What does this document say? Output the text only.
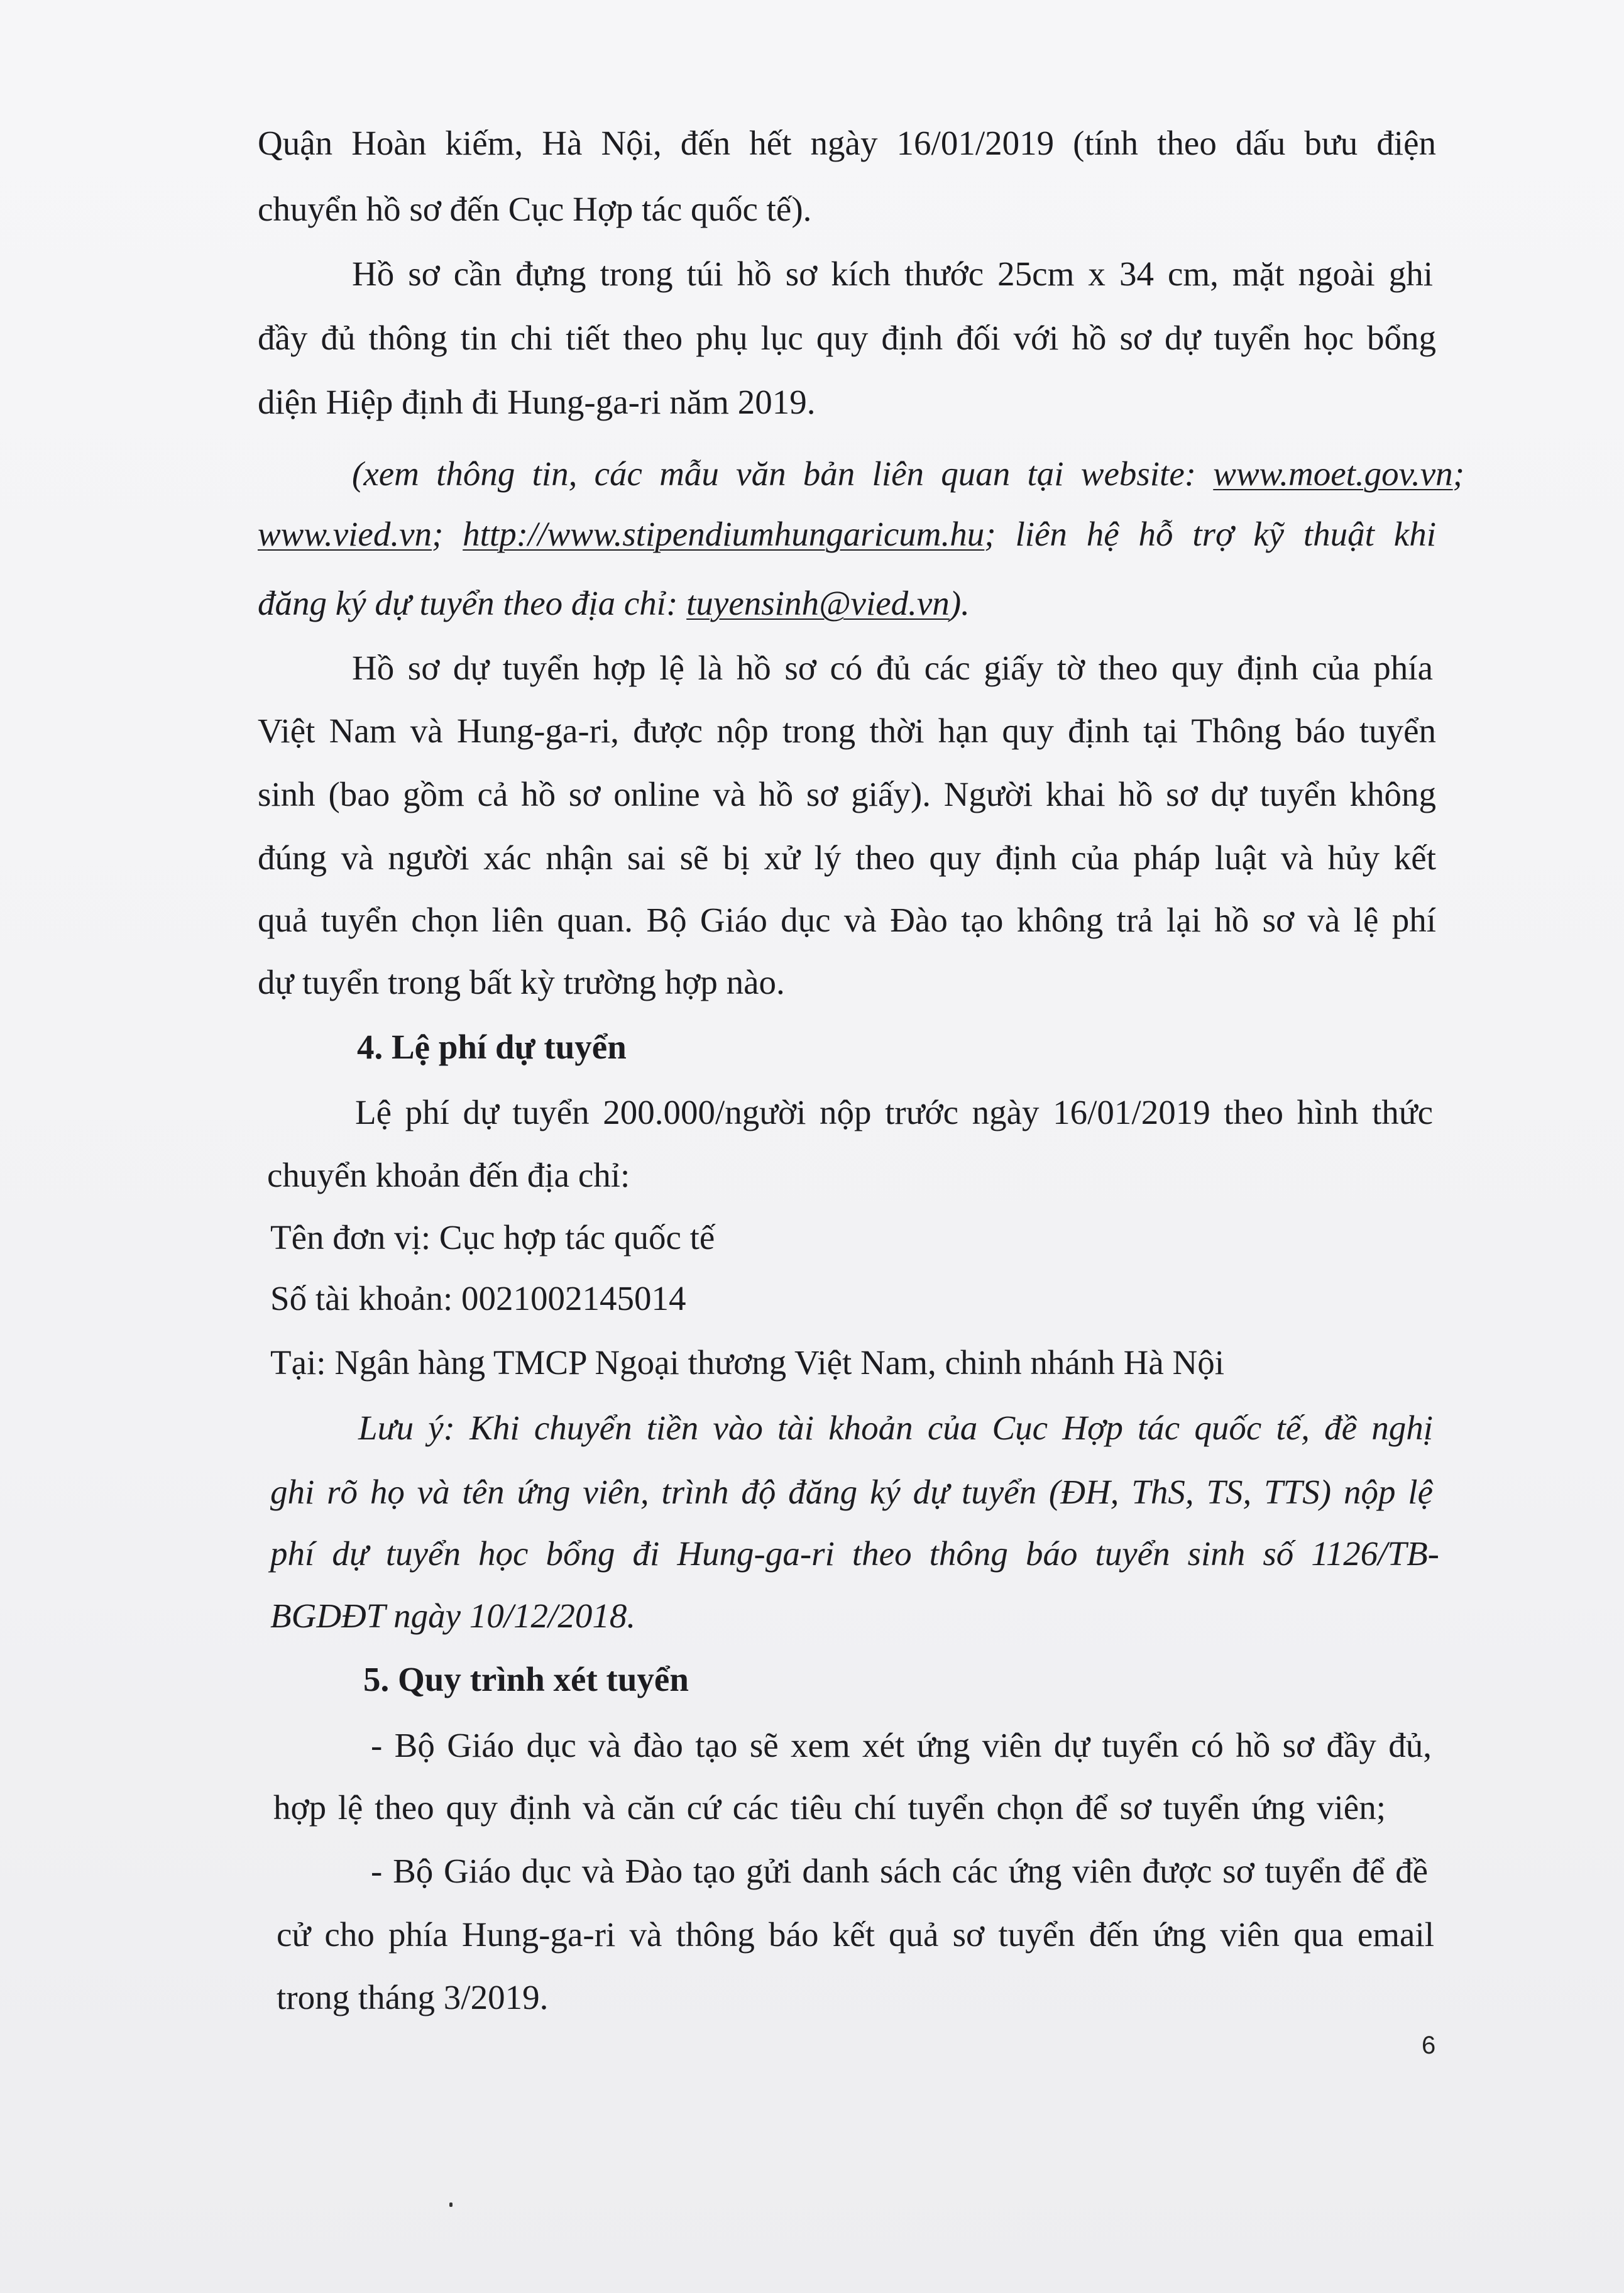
Quận Hoàn kiếm, Hà Nội, đến hết ngày 16/01/2019 (tính theo dấu bưu điện
chuyển hồ sơ đến Cục Hợp tác quốc tế).
Hồ sơ cần đựng trong túi hồ sơ kích thước 25cm x 34 cm, mặt ngoài ghi
đầy đủ thông tin chi tiết theo phụ lục quy định đối với hồ sơ dự tuyển học bổng
diện Hiệp định đi Hung-ga-ri năm 2019.
(xem thông tin, các mẫu văn bản liên quan tại website: www.moet.gov.vn;
www.vied.vn; http://www.stipendiumhungaricum.hu; liên hệ hỗ trợ kỹ thuật khi
đăng ký dự tuyển theo địa chỉ: tuyensinh@vied.vn).
Hồ sơ dự tuyển hợp lệ là hồ sơ có đủ các giấy tờ theo quy định của phía
Việt Nam và Hung-ga-ri, được nộp trong thời hạn quy định tại Thông báo tuyển
sinh (bao gồm cả hồ sơ online và hồ sơ giấy). Người khai hồ sơ dự tuyển không
đúng và người xác nhận sai sẽ bị xử lý theo quy định của pháp luật và hủy kết
quả tuyển chọn liên quan. Bộ Giáo dục và Đào tạo không trả lại hồ sơ và lệ phí
dự tuyển trong bất kỳ trường hợp nào.
4. Lệ phí dự tuyển
Lệ phí dự tuyển 200.000/người nộp trước ngày 16/01/2019 theo hình thức
chuyển khoản đến địa chỉ:
Tên đơn vị: Cục hợp tác quốc tế
Số tài khoản: 0021002145014
Tại: Ngân hàng TMCP Ngoại thương Việt Nam, chinh nhánh Hà Nội
Lưu ý: Khi chuyển tiền vào tài khoản của Cục Hợp tác quốc tế, đề nghị
ghi rõ họ và tên ứng viên, trình độ đăng ký dự tuyển (ĐH, ThS, TS, TTS) nộp lệ
phí dự tuyển học bổng đi Hung-ga-ri theo thông báo tuyển sinh số 1126/TB-
BGDĐT ngày 10/12/2018.
5. Quy trình xét tuyển
- Bộ Giáo dục và đào tạo sẽ xem xét ứng viên dự tuyển có hồ sơ đầy đủ,
hợp lệ theo quy định và căn cứ các tiêu chí tuyển chọn để sơ tuyển ứng viên;
- Bộ Giáo dục và Đào tạo gửi danh sách các ứng viên được sơ tuyển để đề
cử cho phía Hung-ga-ri và thông báo kết quả sơ tuyển đến ứng viên qua email
trong tháng 3/2019.
6
